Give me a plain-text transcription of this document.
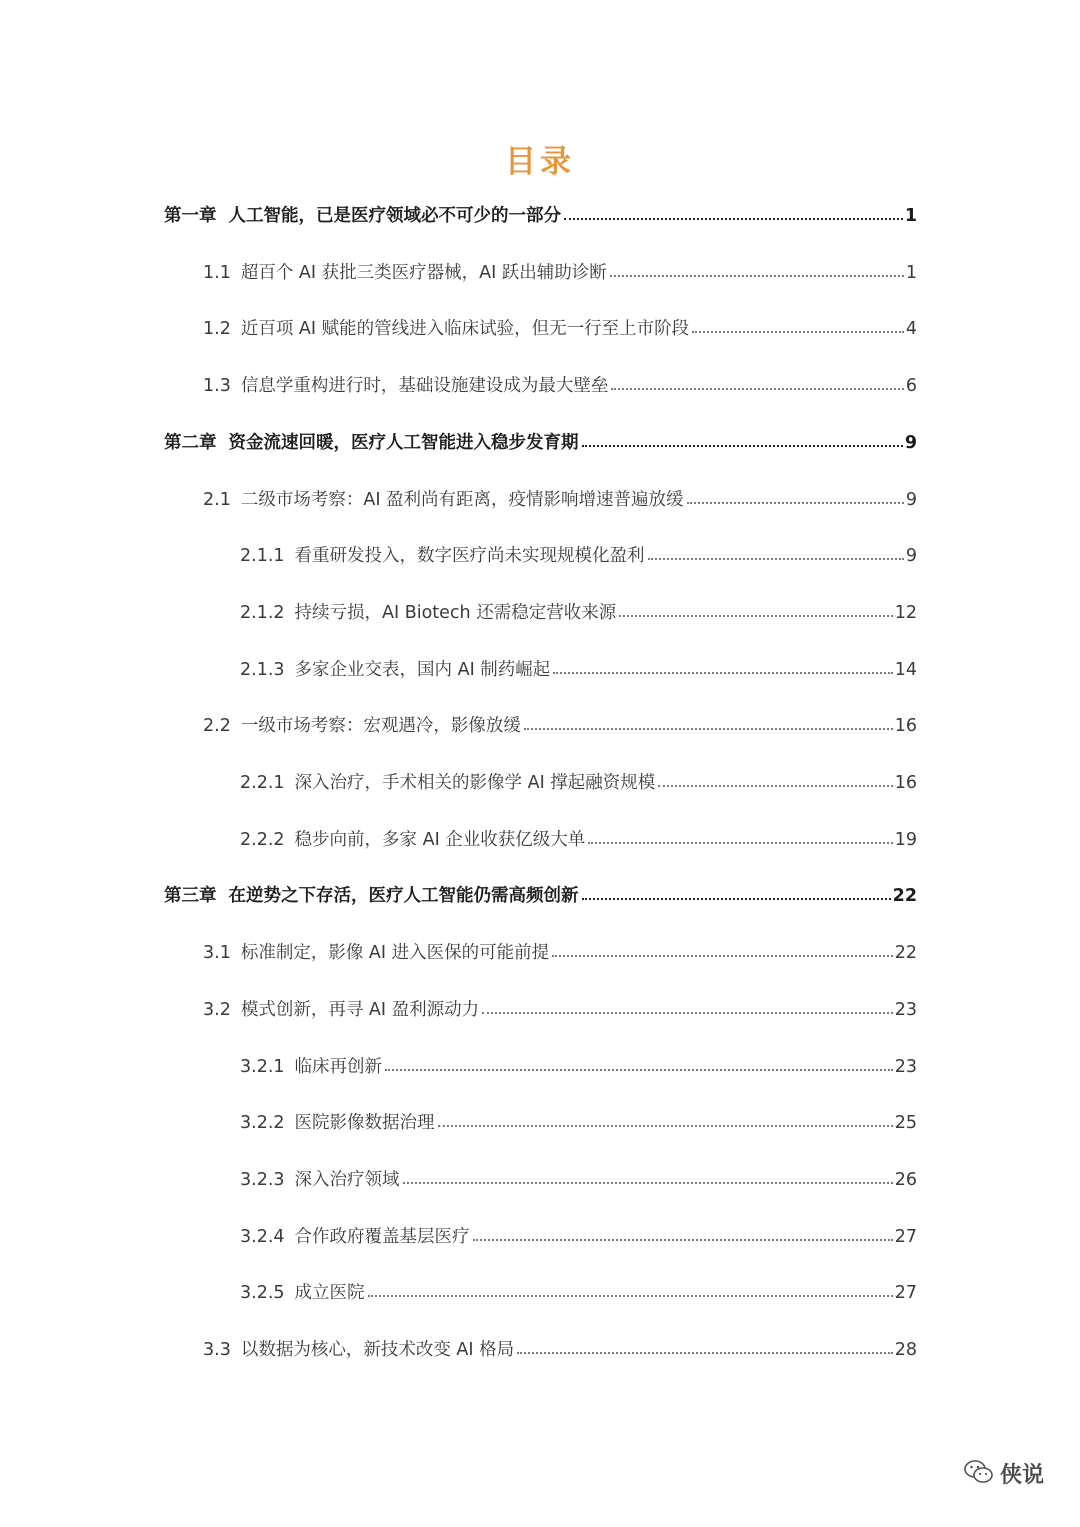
目录
第一章 人工智能，已是医疗领域必不可少的一部分	1
1.1 超百个 AI 获批三类医疗器械，AI 跃出辅助诊断	1
1.2 近百项 AI 赋能的管线进入临床试验，但无一行至上市阶段	4
1.3 信息学重构进行时，基础设施建设成为最大壁垒	6
第二章 资金流速回暖，医疗人工智能进入稳步发育期	9
2.1 二级市场考察：AI 盈利尚有距离，疫情影响增速普遍放缓	9
2.1.1 看重研发投入，数字医疗尚未实现规模化盈利	9
2.1.2 持续亏损，AI Biotech 还需稳定营收来源	12
2.1.3 多家企业交表，国内 AI 制药崛起	14
2.2 一级市场考察：宏观遇冷，影像放缓	16
2.2.1 深入治疗，手术相关的影像学 AI 撑起融资规模	16
2.2.2 稳步向前，多家 AI 企业收获亿级大单	19
第三章 在逆势之下存活，医疗人工智能仍需高频创新	22
3.1 标准制定，影像 AI 进入医保的可能前提	22
3.2 模式创新，再寻 AI 盈利源动力	23
3.2.1 临床再创新	23
3.2.2 医院影像数据治理	25
3.2.3 深入治疗领域	26
3.2.4 合作政府覆盖基层医疗	27
3.2.5 成立医院	27
3.3 以数据为核心，新技术改变 AI 格局	28
侠说
